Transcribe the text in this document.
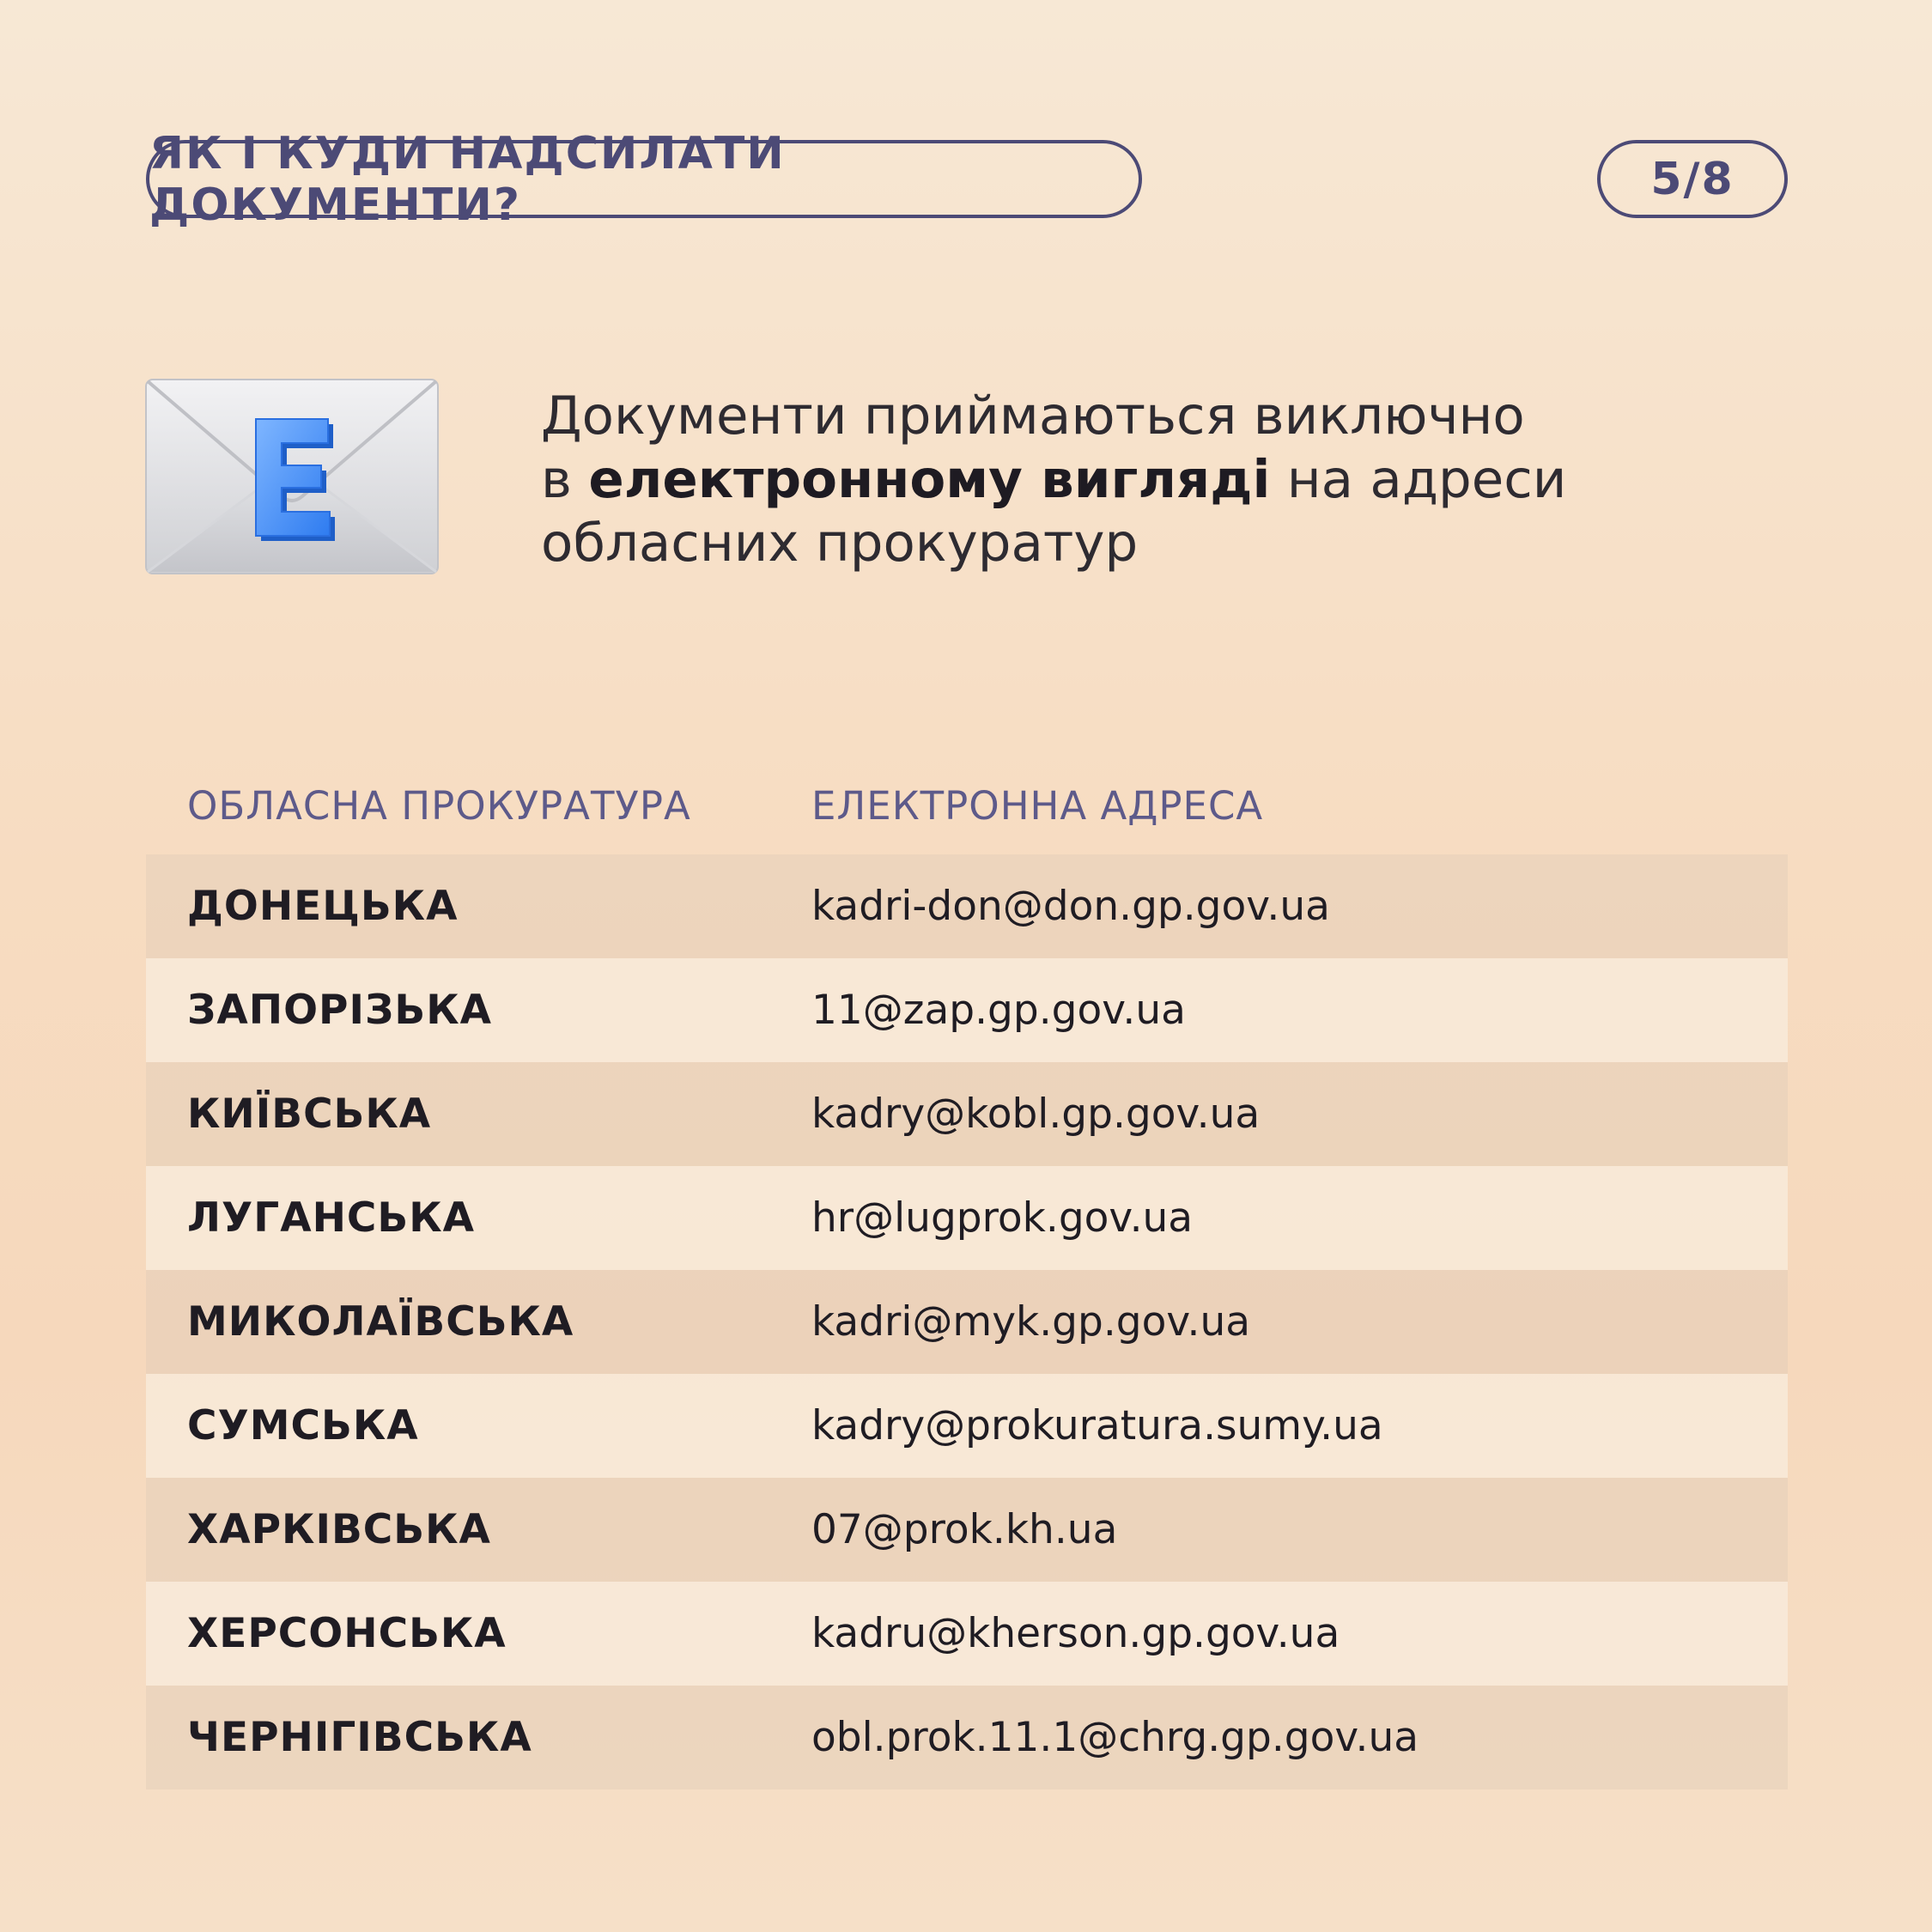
ЯК І КУДИ НАДСИЛАТИ ДОКУМЕНТИ?	5/8
Документи приймаються виключно
в електронному вигляді на адреси
обласних прокуратур
ОБЛАСНА ПРОКУРАТУРА	ЕЛЕКТРОННА АДРЕСА
ДОНЕЦЬКА	kadri-don@don.gp.gov.ua
ЗАПОРІЗЬКА	11@zap.gp.gov.ua
КИЇВСЬКА	kadry@kobl.gp.gov.ua
ЛУГАНСЬКА	hr@lugprok.gov.ua
МИКОЛАЇВСЬКА	kadri@myk.gp.gov.ua
СУМСЬКА	kadry@prokuratura.sumy.ua
ХАРКІВСЬКА	07@prok.kh.ua
ХЕРСОНСЬКА	kadru@kherson.gp.gov.ua
ЧЕРНІГІВСЬКА	obl.prok.11.1@chrg.gp.gov.ua
